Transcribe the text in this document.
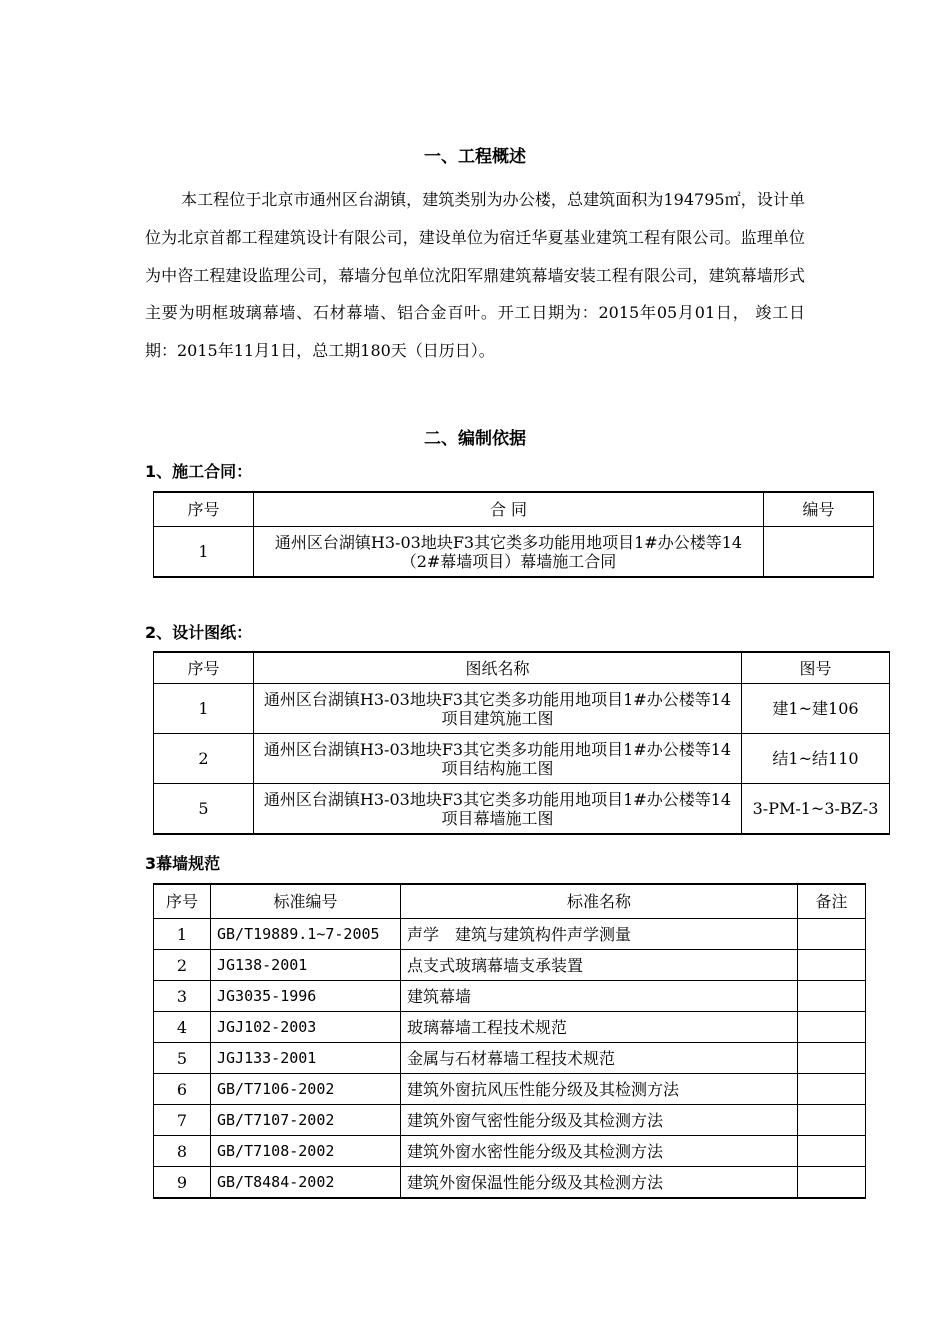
一、工程概述

本工程位于北京市通州区台湖镇，建筑类别为办公楼，总建筑面积为194795㎡，设计单位为北京首都工程建筑设计有限公司，建设单位为宿迁华夏基业建筑工程有限公司。监理单位为中咨工程建设监理公司，幕墙分包单位沈阳军鼎建筑幕墙安装工程有限公司，建筑幕墙形式主要为明框玻璃幕墙、石材幕墙、铝合金百叶。开工日期为：2015年05月01日， 竣工日期：2015年11月1日，总工期180天（日历日）。

二、编制依据
1、施工合同：
序号	合 同	编号
1	通州区台湖镇H3-03地块F3其它类多功能用地项目1#办公楼等14（2#幕墙项目）幕墙施工合同	
2、设计图纸：
序号	图纸名称	图号
1	通州区台湖镇H3-03地块F3其它类多功能用地项目1#办公楼等14项目建筑施工图	建1~建106
2	通州区台湖镇H3-03地块F3其它类多功能用地项目1#办公楼等14项目结构施工图	结1~结110
5	通州区台湖镇H3-03地块F3其它类多功能用地项目1#办公楼等14项目幕墙施工图	3-PM-1~3-BZ-3
3幕墙规范
序号	标准编号	标准名称	备注
1	GB/T19889.1~7-2005	声学　建筑与建筑构件声学测量	
2	JG138-2001	点支式玻璃幕墙支承装置	
3	JG3035-1996	建筑幕墙	
4	JGJ102-2003	玻璃幕墙工程技术规范	
5	JGJ133-2001	金属与石材幕墙工程技术规范	
6	GB/T7106-2002	建筑外窗抗风压性能分级及其检测方法	
7	GB/T7107-2002	建筑外窗气密性能分级及其检测方法	
8	GB/T7108-2002	建筑外窗水密性能分级及其检测方法	
9	GB/T8484-2002	建筑外窗保温性能分级及其检测方法	
